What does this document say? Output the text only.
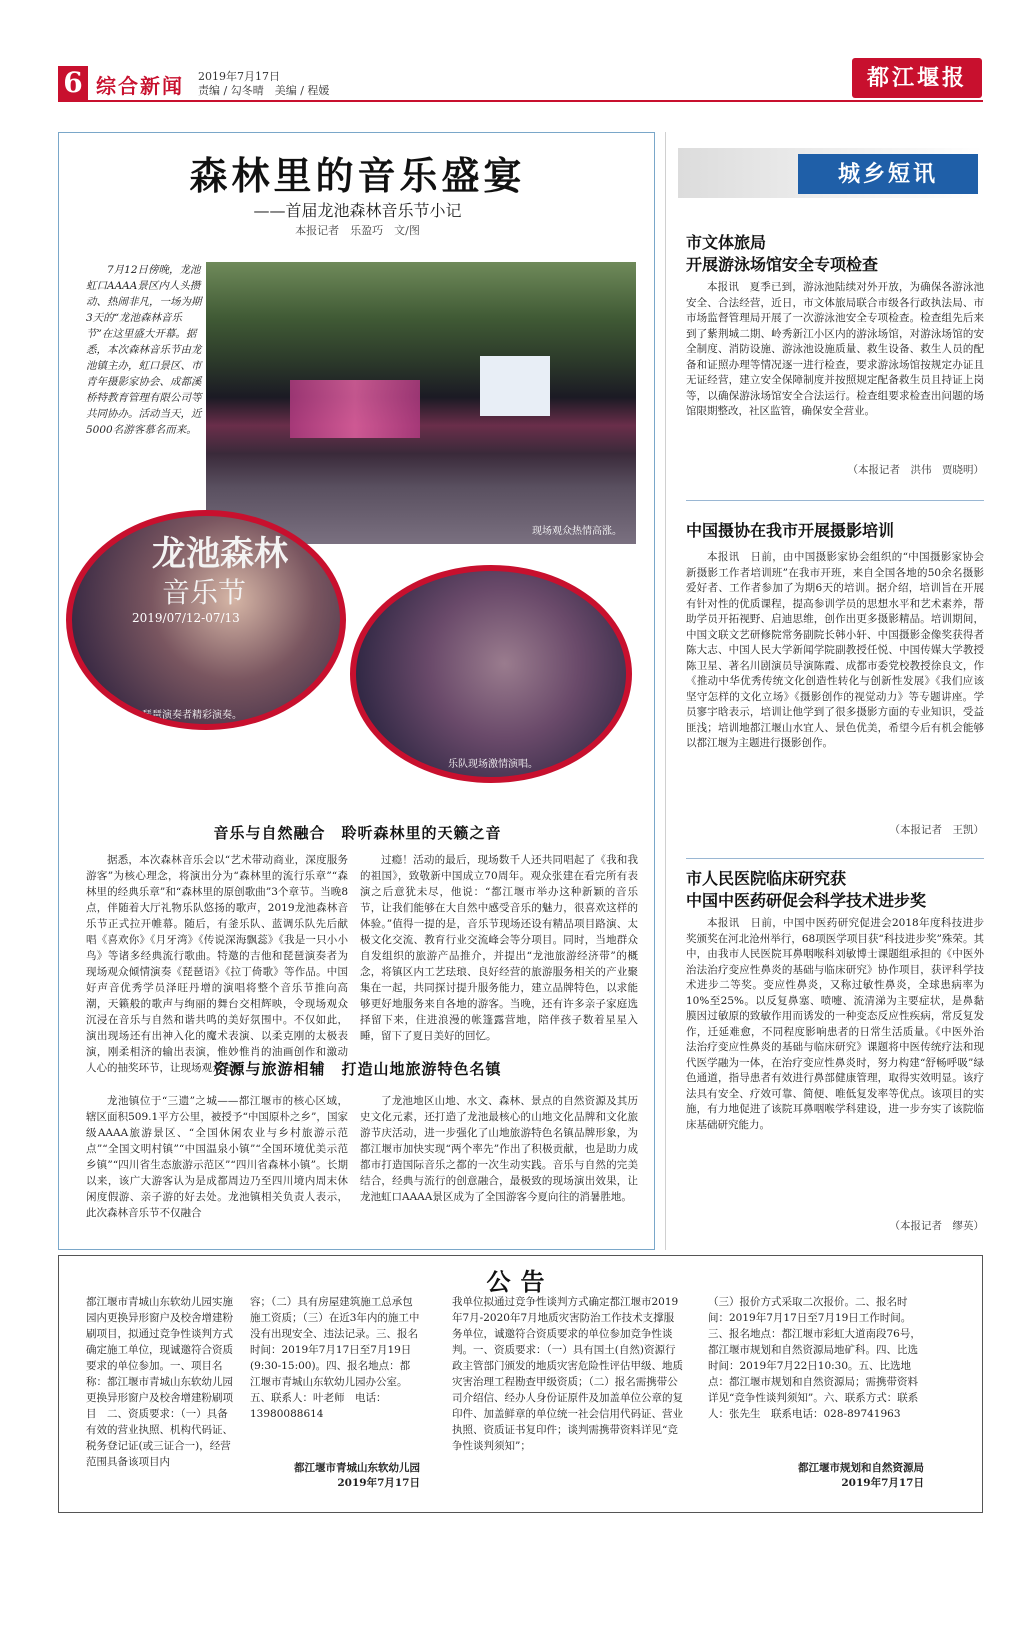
6 综合新闻 2019年7月17日
责编 / 勾冬晴　美编 / 程媛	都江堰报
森林里的音乐盛宴
——首届龙池森林音乐节小记
本报记者　乐盈巧　文/图
7月12日傍晚，龙池虹口AAAA景区内人头攒动、热闹非凡，一场为期3天的“龙池森林音乐节”在这里盛大开幕。据悉，本次森林音乐节由龙池镇主办，虹口景区、市青年摄影家协会、成都溪桥特教育管理有限公司等共同协办。活动当天，近5000名游客慕名而来。
现场观众热情高涨。
龙池森林
音乐节
2019/07/12-07/13
琵琶演奏者精彩演奏。
乐队现场激情演唱。
音乐与自然融合　聆听森林里的天籁之音
据悉，本次森林音乐会以“艺术带动商业，深度服务游客”为核心理念，将演出分为“森林里的流行乐章”“森林里的经典乐章”和“森林里的原创歌曲”3个章节。当晚8点，伴随着大厅礼物乐队悠扬的歌声，2019龙池森林音乐节正式拉开帷幕。随后，有釜乐队、蓝调乐队先后献唱《喜欢你》《月牙湾》《传说深海飘蕊》《我是一只小小鸟》等诸多经典流行歌曲。特邀的吉他和琵琶演奏者为现场观众倾情演奏《琵琶语》《拉丁倚歌》等作品。中国好声音优秀学员泽旺丹增的演唱将整个音乐节推向高潮，天籁般的歌声与绚丽的舞台交相辉映，令现场观众沉浸在音乐与自然和谐共鸣的美好氛围中。不仅如此，演出现场还有出神入化的魔术表演、以柔克刚的太极表演，刚柔相济的输出表演，惟妙惟肖的油画创作和激动人心的抽奖环节，让现场观众直呼
过瘾！活动的最后，现场数千人还共同唱起了《我和我的祖国》，致敬新中国成立70周年。观众张建在看完所有表演之后意犹未尽，他说：“都江堰市举办这种新颖的音乐节，让我们能够在大自然中感受音乐的魅力，很喜欢这样的体验。”值得一提的是，音乐节现场还设有精品项目路演、太极文化交流、教育行业交流峰会等分项目。同时，当地群众自发组织的旅游产品推介，并提出“龙池旅游经济带”的概念，将镇区内工艺珐琅、良好经营的旅游服务相关的产业聚集在一起，共同探讨提升服务能力，建立品牌特色，以求能够更好地服务来自各地的游客。当晚，还有许多亲子家庭选择留下来，住进浪漫的帐篷露营地，陪伴孩子数着星星入睡，留下了夏日美好的回忆。
资源与旅游相辅　打造山地旅游特色名镇
龙池镇位于“三遗”之城——都江堰市的核心区域，辖区面积509.1平方公里，被授予“中国原朴之乡”，国家级AAAA旅游景区、“全国休闲农业与乡村旅游示范点”“全国文明村镇”“中国温泉小镇”“全国环境优美示范乡镇”“四川省生态旅游示范区”“四川省森林小镇”。长期以来，该广大游客认为是成都周边乃至四川境内周末休闲度假游、亲子游的好去处。龙池镇相关负责人表示，此次森林音乐节不仅融合
了龙池地区山地、水文、森林、景点的自然资源及其历史文化元素，还打造了龙池最核心的山地文化品牌和文化旅游节庆活动，进一步强化了山地旅游特色名镇品牌形象，为都江堰市加快实现“两个率先”作出了积极贡献，也是助力成都市打造国际音乐之都的一次生动实践。音乐与自然的完美结合，经典与流行的创意融合，最极致的现场演出效果，让龙池虹口AAAA景区成为了全国游客今夏向往的消暑胜地。
城乡短讯
市文体旅局
开展游泳场馆安全专项检查
本报讯　夏季已到，游泳池陆续对外开放，为确保各游泳池安全、合法经营，近日，市文体旅局联合市级各行政执法局、市市场监督管理局开展了一次游泳池安全专项检查。检查组先后来到了紫荆城二期、岭秀新江小区内的游泳场馆，对游泳场馆的安全制度、消防设施、游泳池设施质量、救生设备、救生人员的配备和证照办理等情况逐一进行检查，要求游泳场馆按规定办证且无证经营，建立安全保障制度并按照规定配备救生员且持证上岗等，以确保游泳场馆安全合法运行。检查组要求检查出问题的场馆限期整改，社区监管，确保安全营业。
（本报记者　洪伟　贾晓明）
中国摄协在我市开展摄影培训
本报讯　日前，由中国摄影家协会组织的“中国摄影家协会新摄影工作者培训班”在我市开班，来自全国各地的50余名摄影爱好者、工作者参加了为期6天的培训。据介绍，培训旨在开展有针对性的优质课程，提高参训学员的思想水平和艺术素养，帮助学员开拓视野、启迪思维，创作出更多摄影精品。培训期间，中国文联文艺研修院常务副院长韩小轩、中国摄影金像奖获得者陈大志、中国人民大学新闻学院副教授任悦、中国传媒大学教授陈卫星、著名川剧演员导演陈霞、成都市委党校教授徐良文，作《推动中华优秀传统文化创造性转化与创新性发展》《我们应该坚守怎样的文化立场》《摄影创作的视觉动力》等专题讲座。学员寥宇晗表示，培训让他学到了很多摄影方面的专业知识，受益匪浅；培训地都江堰山水宜人、景色优美，希望今后有机会能够以都江堰为主题进行摄影创作。
（本报记者　王凯）
市人民医院临床研究获
中国中医药研促会科学技术进步奖
本报讯　日前，中国中医药研究促进会2018年度科技进步奖颁奖在河北沧州举行，68项医学项目获“科技进步奖”殊荣。其中，由我市人民医院耳鼻咽喉科刘敏博士课题组承担的《中医外治法治疗变应性鼻炎的基础与临床研究》协作项目，获评科学技术进步二等奖。变应性鼻炎，又称过敏性鼻炎，全球患病率为10%至25%。以反复鼻塞、喷嚏、流清涕为主要症状，是鼻黏膜因过敏原的致敏作用而诱发的一种变态反应性疾病，常反复发作，迁延难愈，不同程度影响患者的日常生活质量。《中医外治法治疗变应性鼻炎的基础与临床研究》课题将中医传统疗法和现代医学融为一体，在治疗变应性鼻炎时，努力构建“舒畅呼吸”绿色通道，指导患者有效进行鼻部健康管理，取得实效明显。该疗法具有安全、疗效可靠、简便、唯低复发率等优点。该项目的实施，有力地促进了该院耳鼻咽喉学科建设，进一步夯实了该院临床基础研究能力。
（本报记者　缪英）
公告
都江堰市青城山东软幼儿园实施园内更换异形窗户及校舍增建粉刷项目，拟通过竞争性谈判方式确定施工单位，现诚邀符合资质要求的单位参加。一、项目名称：都江堰市青城山东软幼儿园更换异形窗户及校舍增建粉刷项目　二、资质要求：（一）具备有效的营业执照、机构代码证、税务登记证(或三证合一)，经营范围具备该项目内
容；（二）具有房屋建筑施工总承包施工资质；（三）在近3年内的施工中没有出现安全、违法记录。三、报名时间：2019年7月17日至7月19日(9:30-15:00)。四、报名地点：都江堰市青城山东软幼儿园办公室。五、联系人：叶老师　电话：13980088614
都江堰市青城山东软幼儿园
2019年7月17日
我单位拟通过竞争性谈判方式确定都江堰市2019年7月-2020年7月地质灾害防治工作技术支撑服务单位，诚邀符合资质要求的单位参加竞争性谈判。一、资质要求：（一）具有国土(自然)资源行政主管部门颁发的地质灾害危险性评估甲级、地质灾害治理工程勘查甲级资质；（二）报名需携带公司介绍信、经办人身份证原件及加盖单位公章的复印件、加盖鲜章的单位统一社会信用代码证、营业执照、资质证书复印件；谈判需携带资料详见“竞争性谈判须知”；
（三）报价方式采取二次报价。二、报名时间：2019年7月17日至7月19日工作时间。三、报名地点：都江堰市彩虹大道南段76号，都江堰市规划和自然资源局地矿科。四、比选时间：2019年7月22日10:30。五、比选地点：都江堰市规划和自然资源局；需携带资料详见“竞争性谈判须知”。六、联系方式：联系人：张先生　联系电话：028-89741963
都江堰市规划和自然资源局
2019年7月17日
